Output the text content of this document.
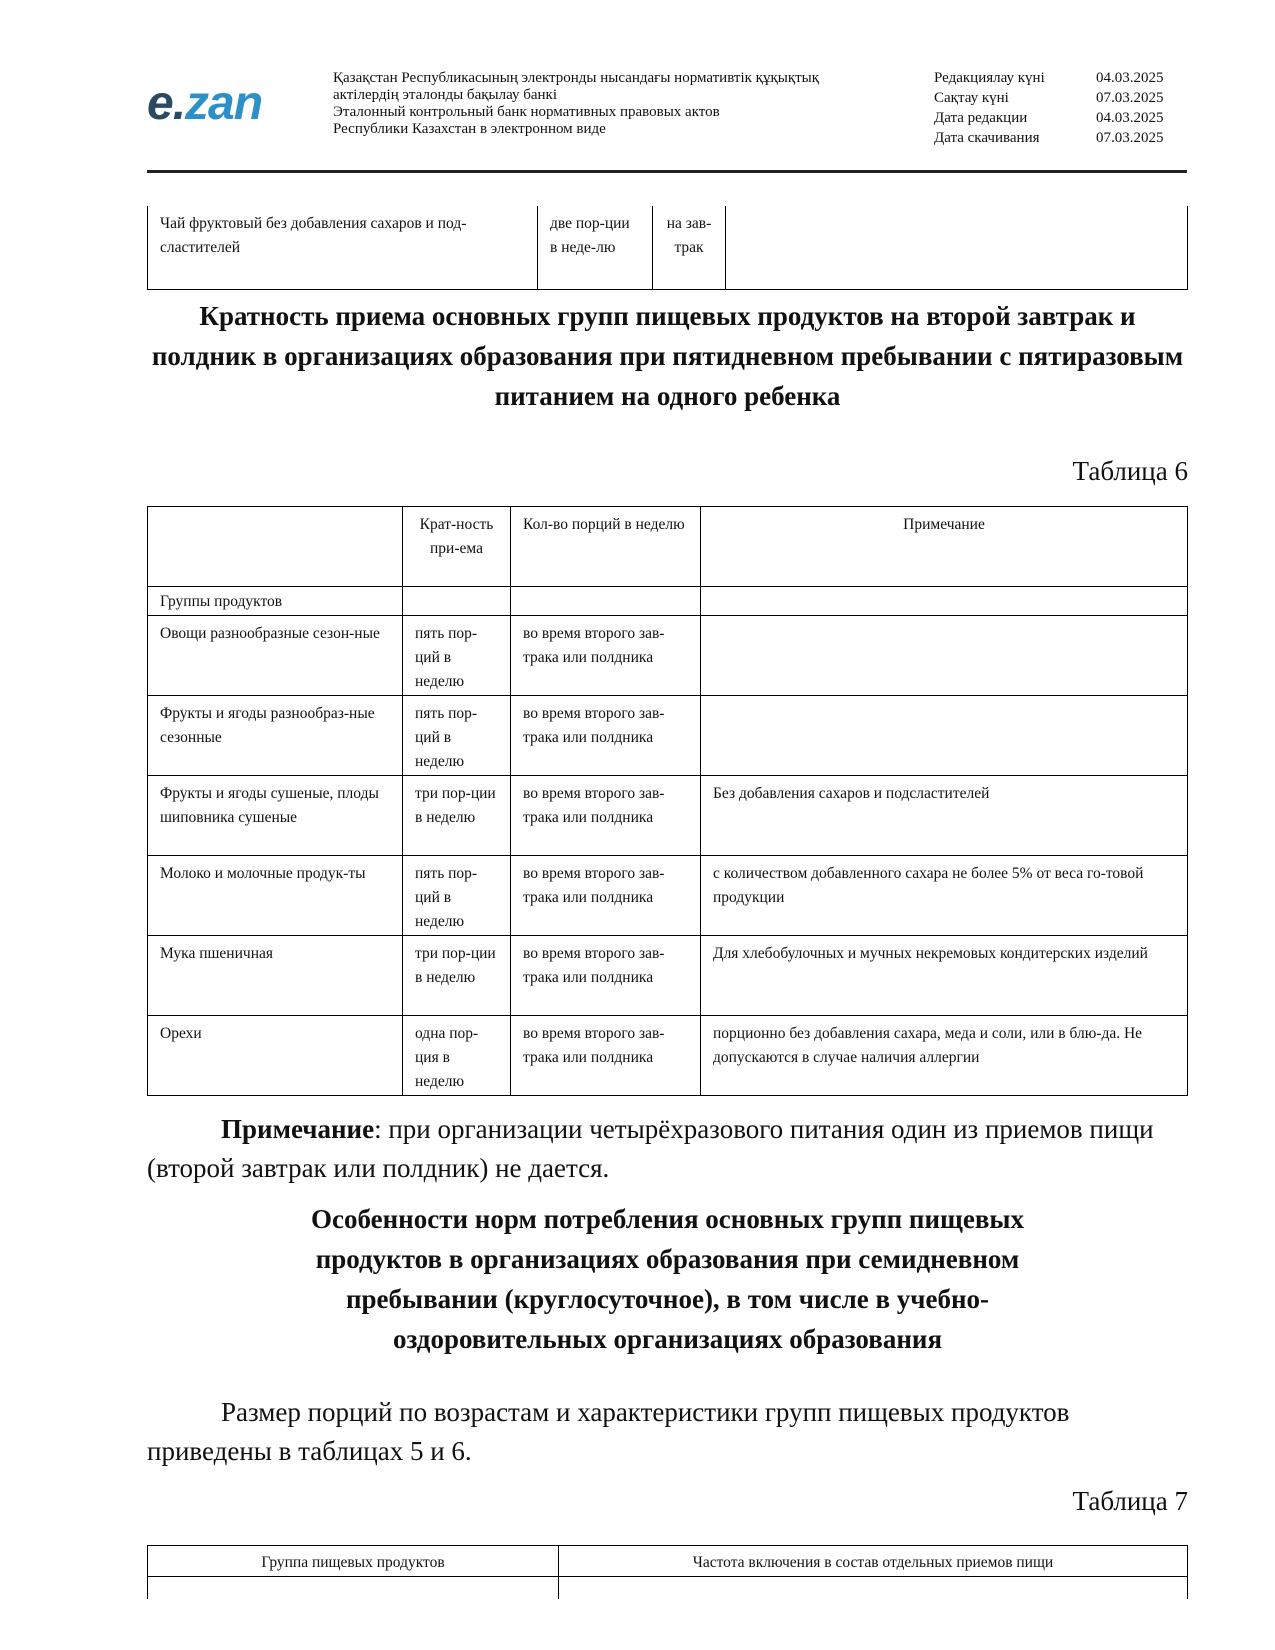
e.zan	Қазақстан Республикасының электронды нысандағы нормативтік құқықтық
актілердің эталонды бақылау банкі
Эталонный контрольный банк нормативных правовых актов
Республики Казахстан в электронном виде
Редакциялау күні	04.03.2025
Сақтау күні	07.03.2025
Дата редакции	04.03.2025
Дата скачивания	07.03.2025
Чай фруктовый без добавления сахаров и под-сластителей	две пор-ции в неде-лю	на зав-трак	
Кратность приема основных групп пищевых продуктов на второй завтрак и полдник в организациях образования при пятидневном пребывании с пятиразовым питанием на одного ребенка
Таблица 6
	Крат-ность при-ема	Кол-во порций в неделю	Примечание
Группы продуктов			
Овощи разнообразные сезон-ные	пять пор-ций в неделю	во время второго зав-трака или полдника	
Фрукты и ягоды разнообраз-ные сезонные	пять пор-ций в неделю	во время второго зав-трака или полдника	
Фрукты и ягоды сушеные, плоды шиповника сушеные	три пор-ции в неделю	во время второго зав-трака или полдника	Без добавления сахаров и подсластителей
Молоко и молочные продук-ты	пять пор-ций в неделю	во время второго зав-трака или полдника	с количеством добавленного сахара не более 5% от веса го-товой продукции
Мука пшеничная	три пор-ции в неделю	во время второго зав-трака или полдника	Для хлебобулочных и мучных некремовых кондитерских изделий
Орехи	одна пор-ция в неделю	во время второго зав-трака или полдника	порционно без добавления сахара, меда и соли, или в блю-да. Не допускаются в случае наличия аллергии
Примечание: при организации четырёхразового питания один из приемов пищи (второй завтрак или полдник) не дается.
Особенности норм потребления основных групп пищевых продуктов в организациях образования при семидневном пребывании (круглосуточное), в том числе в учебно-оздоровительных организациях образования
Размер порций по возрастам и характеристики групп пищевых продуктов приведены в таблицах 5 и 6.
Таблица 7
Группа пищевых продуктов	Частота включения в состав отдельных приемов пищи
